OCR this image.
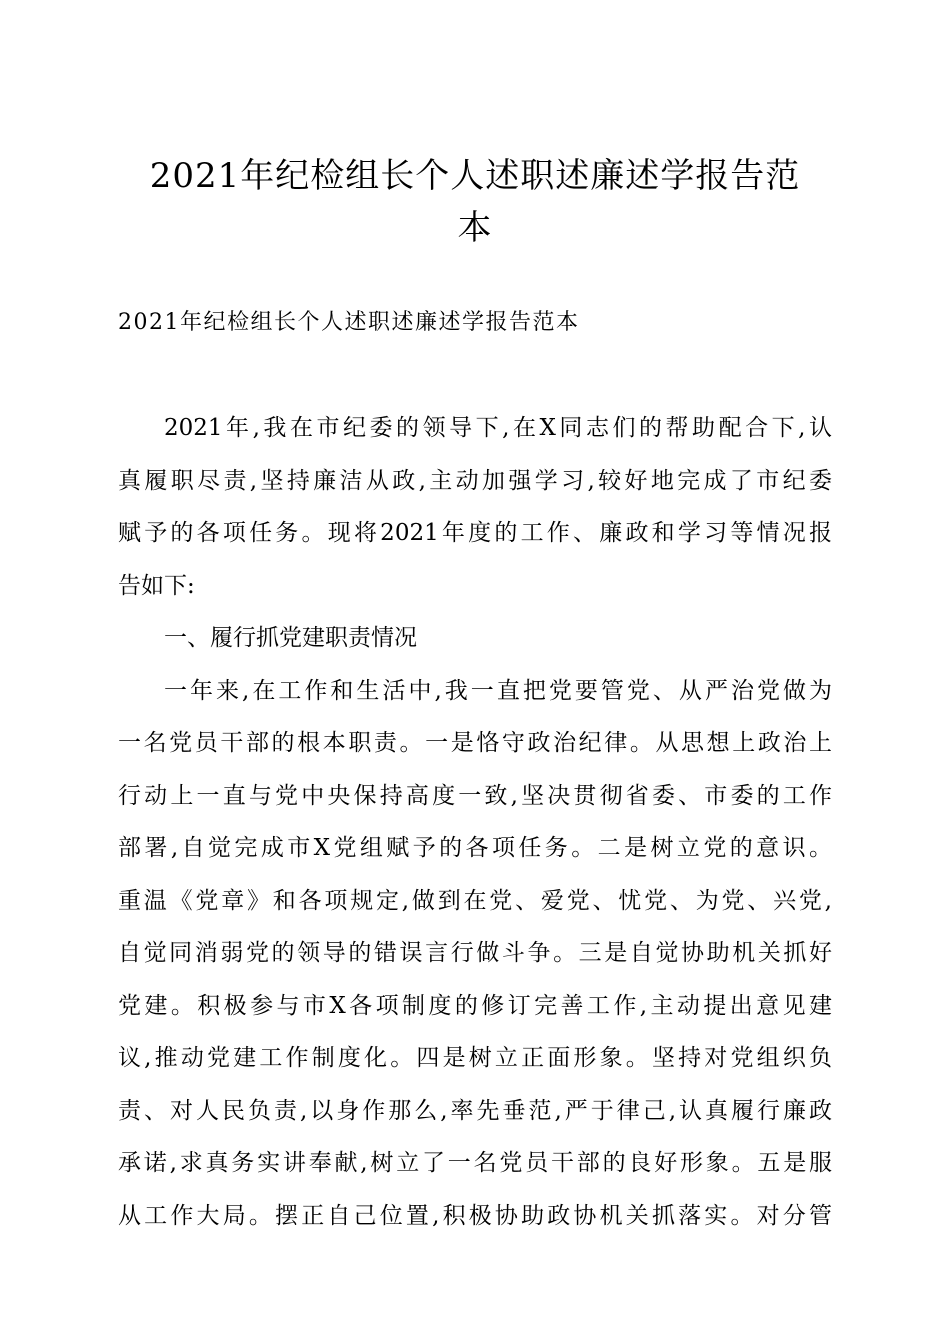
2021年纪检组长个人述职述廉述学报告范
本
2021年纪检组长个人述职述廉述学报告范本
2021年,我在市纪委的领导下,在X同志们的帮助配合下,认
真履职尽责,坚持廉洁从政,主动加强学习,较好地完成了市纪委
赋予的各项任务。现将2021年度的工作、廉政和学习等情况报
告如下:
一、履行抓党建职责情况
一年来,在工作和生活中,我一直把党要管党、从严治党做为
一名党员干部的根本职责。一是恪守政治纪律。从思想上政治上
行动上一直与党中央保持高度一致,坚决贯彻省委、市委的工作
部署,自觉完成市X党组赋予的各项任务。二是树立党的意识。
重温《党章》和各项规定,做到在党、爱党、忧党、为党、兴党,
自觉同消弱党的领导的错误言行做斗争。三是自觉协助机关抓好
党建。积极参与市X各项制度的修订完善工作,主动提出意见建
议,推动党建工作制度化。四是树立正面形象。坚持对党组织负
责、对人民负责,以身作那么,率先垂范,严于律己,认真履行廉政
承诺,求真务实讲奉献,树立了一名党员干部的良好形象。五是服
从工作大局。摆正自己位置,积极协助政协机关抓落实。对分管
